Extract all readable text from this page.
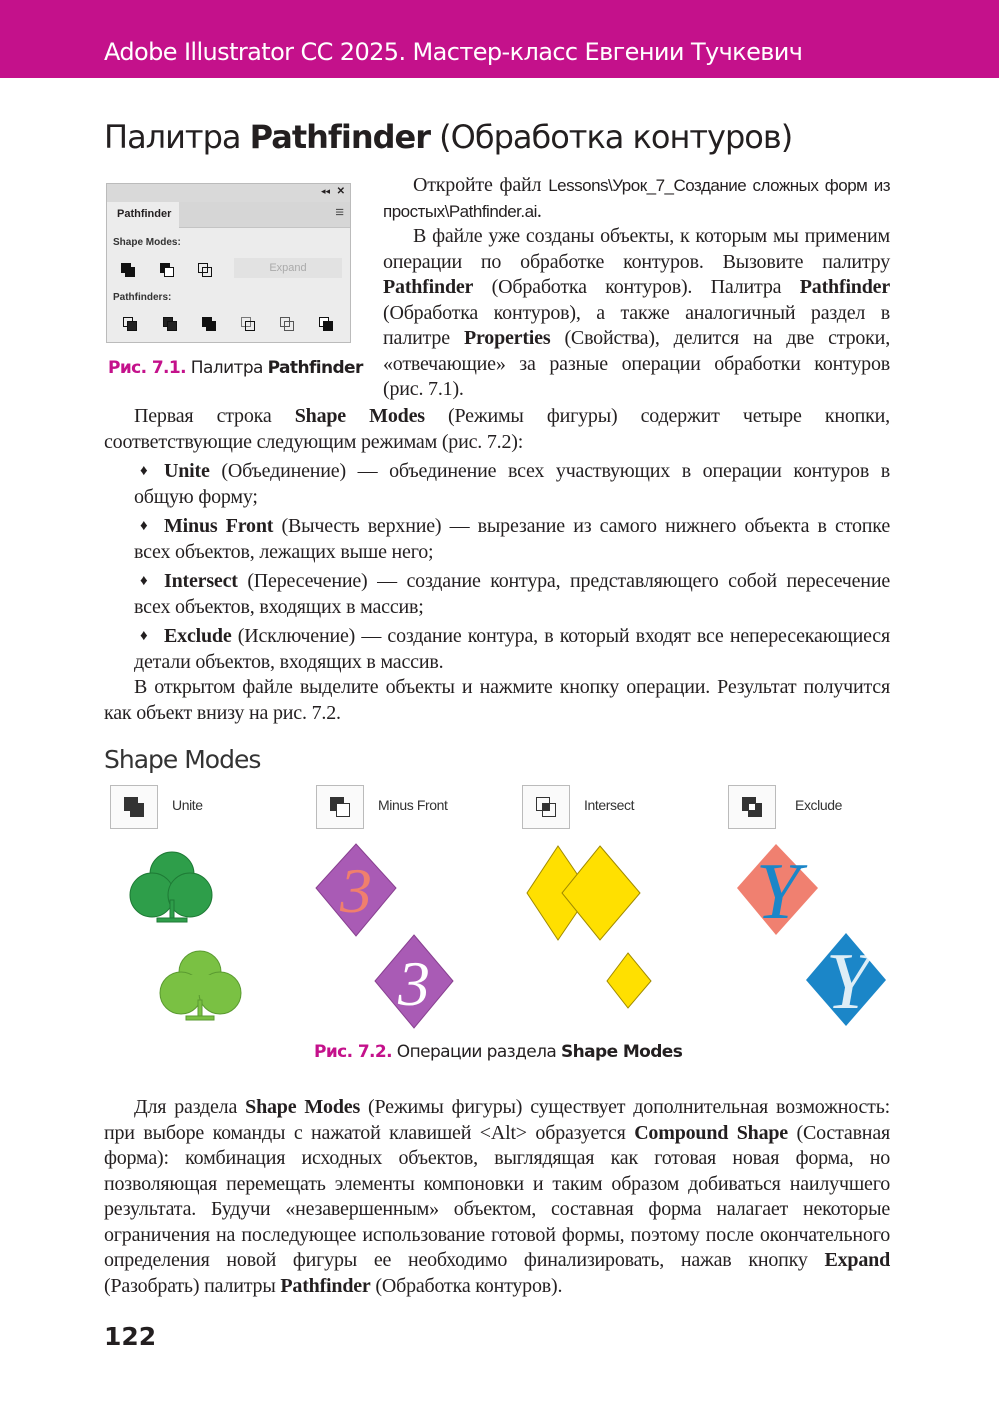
Adobe Illustrator CC 2025. Мастер-класс Евгении Тучкевич
Палитра Pathfinder (Обработка контуров)
◂◂ ✕
Pathfinder	≡
Shape Modes:
Pathfinders:
Expand
Рис. 7.1. Палитра Pathfinder

Откройте файл Lessons\Урок_7_Создание сложных форм из простых\Pathfinder.ai.

В файле уже созданы объекты, к которым мы применим операции по обработке контуров. Вызовите палитру Pathfinder (Обработка контуров). Палитра Pathfinder (Обработка контуров), а также аналогичный раздел в палитре Properties (Свойства), делится на две строки, «отвечающие» за разные операции обработки контуров (рис. 7.1).

Первая строка Shape Modes (Режимы фигуры) содержит четыре кнопки, соответствующие следующим режимам (рис. 7.2):

♦ Unite (Объединение) — объединение всех участвующих в операции контуров в общую форму;

♦ Minus Front (Вычесть верхние) — вырезание из самого нижнего объекта в стопке всех объектов, лежащих выше него;

♦ Intersect (Пересечение) — создание контура, представляющего собой пересечение всех объектов, входящих в массив;

♦ Exclude (Исключение) — создание контура, в который входят все непересекающиеся детали объектов, входящих в массив.

В открытом файле выделите объекты и нажмите кнопку операции. Результат получится как объект внизу на рис. 7.2.

Shape Modes
Unite	Minus Front	Intersect	Exclude
3
3
Y
Y
Рис. 7.2. Операции раздела Shape Modes

Для раздела Shape Modes (Режимы фигуры) существует дополнительная возможность: при выборе команды с нажатой клавишей <Alt> образуется Compound Shape (Составная форма): комбинация исходных объектов, выглядящая как готовая новая форма, но позволяющая перемещать элементы компоновки и таким образом добиваться наилучшего результата. Будучи «незавершенным» объектом, составная форма налагает некоторые ограничения на последующее использование готовой формы, поэтому после окончательного определения новой фигуры ее необходимо финализировать, нажав кнопку Expand (Разобрать) палитры Pathfinder (Обработка контуров).

122
